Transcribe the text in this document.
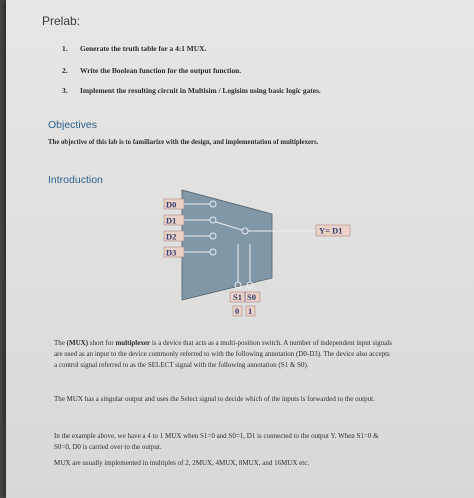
Prelab:
1. Generate the truth table for a 4:1 MUX.
2. Write the Boolean function for the output function.
3. Implement the resulting circuit in Multisim / Logisim using basic logic gates.
Objectives

The objective of this lab is to familiarize with the design, and implementation of multiplexers.

Introduction
D0
D1
D2
D3
Y= D1
S1 S0
0 1

The (MUX) short for multiplexer is a device that acts as a multi-position switch. A number of independent input signals

are used as an input to the device commonly referred to with the following annotation (D0-D3). The device also accepts

a control signal referred to as the SELECT signal with the following annotation (S1 & S0).

The MUX has a singular output and uses the Select signal to decide which of the inputs is forwarded to the output.

In the example above, we have a 4 to 1 MUX when S1=0 and S0=1, D1 is connected to the output Y. When S1=0 &

S0=0, D0 is carried over to the output.

MUX are usually implemented in multiples of 2, 2MUX, 4MUX, 8MUX, and 16MUX etc.
